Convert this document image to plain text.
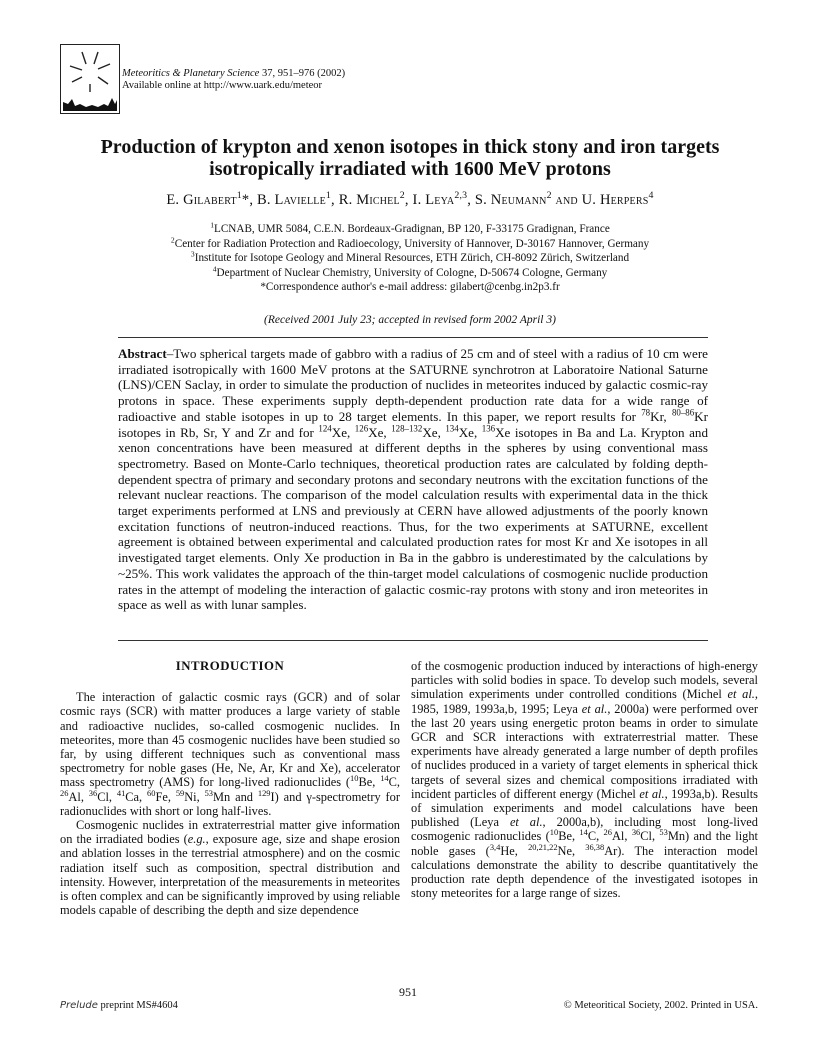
Meteoritics & Planetary Science 37, 951–976 (2002)
Available online at http://www.uark.edu/meteor
Production of krypton and xenon isotopes in thick stony and iron targets
isotropically irradiated with 1600 MeV protons
E. Gilabert$^1$*, B. Lavielle$^1$, R. Michel$^2$, I. Leya$^{2,3}$, S. Neumann$^2$ and U. Herpers$^4$
$^1$LCNAB, UMR 5084, C.E.N. Bordeaux-Gradignan, BP 120, F-33175 Gradignan, France
$^2$Center for Radiation Protection and Radioecology, University of Hannover, D-30167 Hannover, Germany
$^3$Institute for Isotope Geology and Mineral Resources, ETH Zürich, CH-8092 Zürich, Switzerland
$^4$Department of Nuclear Chemistry, University of Cologne, D-50674 Cologne, Germany
*Correspondence author's e-mail address: gilabert@cenbg.in2p3.fr
(Received 2001 July 23; accepted in revised form 2002 April 3)
Abstract–Two spherical targets made of gabbro with a radius of 25 cm and of steel with a radius of 10 cm were irradiated isotropically with 1600 MeV protons at the SATURNE synchrotron at Laboratoire National Saturne (LNS)/CEN Saclay, in order to simulate the production of nuclides in meteorites induced by galactic cosmic-ray protons in space. These experiments supply depth-dependent production rate data for a wide range of radioactive and stable isotopes in up to 28 target elements. In this paper, we report results for $^{78}$Kr, $^{80-86}$Kr isotopes in Rb, Sr, Y and Zr and for $^{124}$Xe, $^{126}$Xe, $^{128-132}$Xe, $^{134}$Xe, $^{136}$Xe isotopes in Ba and La. Krypton and xenon concentrations have been measured at different depths in the spheres by using conventional mass spectrometry. Based on Monte-Carlo techniques, theoretical production rates are calculated by folding depth-dependent spectra of primary and secondary protons and secondary neutrons with the excitation functions of the relevant nuclear reactions. The comparison of the model calculation results with experimental data in the thick target experiments performed at LNS and previously at CERN have allowed adjustments of the poorly known excitation functions of neutron-induced reactions. Thus, for the two experiments at SATURNE, excellent agreement is obtained between experimental and calculated production rates for most Kr and Xe isotopes in all investigated target elements. Only Xe production in Ba in the gabbro is underestimated by the calculations by ~25%. This work validates the approach of the thin-target model calculations of cosmogenic nuclide production rates in the attempt of modeling the interaction of galactic cosmic-ray protons with stony and iron meteorites in space as well as with lunar samples.
INTRODUCTION

The interaction of galactic cosmic rays (GCR) and of solar cosmic rays (SCR) with matter produces a large variety of stable and radioactive nuclides, so-called cosmogenic nuclides. In meteorites, more than 45 cosmogenic nuclides have been studied so far, by using different techniques such as conventional mass spectrometry for noble gases (He, Ne, Ar, Kr and Xe), accelerator mass spectrometry (AMS) for long-lived radionuclides ($^{10}$Be, $^{14}$C, $^{26}$Al, $^{36}$Cl, $^{41}$Ca, $^{60}$Fe, $^{59}$Ni, $^{53}$Mn and $^{129}$I) and γ-spectrometry for radionuclides with short or long half-lives.

Cosmogenic nuclides in extraterrestrial matter give information on the irradiated bodies (e.g., exposure age, size and shape erosion and ablation losses in the terrestrial atmosphere) and on the cosmic radiation itself such as composition, spectral distribution and intensity. However, interpretation of the measurements in meteorites is often complex and can be significantly improved by using reliable models capable of describing the depth and size dependence

of the cosmogenic production induced by interactions of high-energy particles with solid bodies in space. To develop such models, several simulation experiments under controlled conditions (Michel et al., 1985, 1989, 1993a,b, 1995; Leya et al., 2000a) were performed over the last 20 years using energetic proton beams in order to simulate GCR and SCR interactions with extraterrestrial matter. These experiments have already generated a large number of depth profiles of nuclides produced in a variety of target elements in spherical thick targets of several sizes and chemical compositions irradiated with incident particles of different energy (Michel et al., 1993a,b). Results of simulation experiments and model calculations have been published (Leya et al., 2000a,b), including most long-lived cosmogenic radionuclides ($^{10}$Be, $^{14}$C, $^{26}$Al, $^{36}$Cl, $^{53}$Mn) and the light noble gases ($^{3,4}$He, $^{20,21,22}$Ne, $^{36,38}$Ar). The interaction model calculations demonstrate the ability to describe quantitatively the production rate depth dependence of the investigated isotopes in stony meteorites for a large range of sizes.

951
Prelude preprint MS#4604	© Meteoritical Society, 2002. Printed in USA.
